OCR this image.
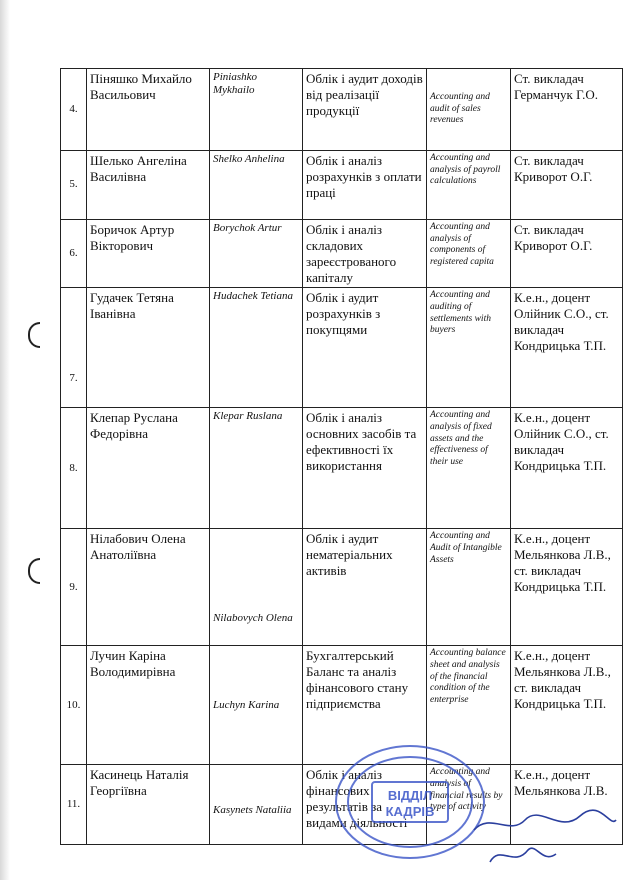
4.	Піняшко Михайло Васильович	Piniashko Mykhailo	Облік і аудит доходів від реалізації продукції	Accounting and audit of sales revenues	Ст. викладач Германчук Г.О.
5.	Шелько Ангеліна Василівна	Shelko Anhelina	Облік і аналіз розрахунків з оплати праці	Accounting and analysis of payroll calculations	Ст. викладач Криворот О.Г.
6.	Боричок Артур Вікторович	Borychok Artur	Облік і аналіз складових зареєстрованого капіталу	Accounting and analysis of components of registered capita	Ст. викладач Криворот О.Г.
7.	Гудачек Тетяна Іванівна	Hudachek Tetiana	Облік і аудит розрахунків з покупцями	Accounting and auditing of settlements with buyers	К.е.н., доцент Олійник С.О., ст. викладач Кондрицька Т.П.
8.	Клепар Руслана Федорівна	Klepar Ruslana	Облік і аналіз основних засобів та ефективності їх використання	Accounting and analysis of fixed assets and the effectiveness of their use	К.е.н., доцент Олійник С.О., ст. викладач Кондрицька Т.П.
9.	Нілабович Олена Анатоліївна	Nilabovych Olena	Облік і аудит нематеріальних активів	Accounting and Audit of Intangible Assets	К.е.н., доцент Мельянкова Л.В., ст. викладач Кондрицька Т.П.
10.	Лучин Каріна Володимирівна	Luchyn Karina	Бухгалтерський Баланс та аналіз фінансового стану підприємства	Accounting balance sheet and analysis of the financial condition of the enterprise	К.е.н., доцент Мельянкова Л.В., ст. викладач Кондрицька Т.П.
11.	Касинець Наталія Георгіївна	Kasynets Nataliia	Облік і аналіз фінансових результатів за видами діяльності	Accounting and analysis of financial results by type of activity	К.е.н., доцент Мельянкова Л.В.
ВІДДІЛ
КАДРІВ
